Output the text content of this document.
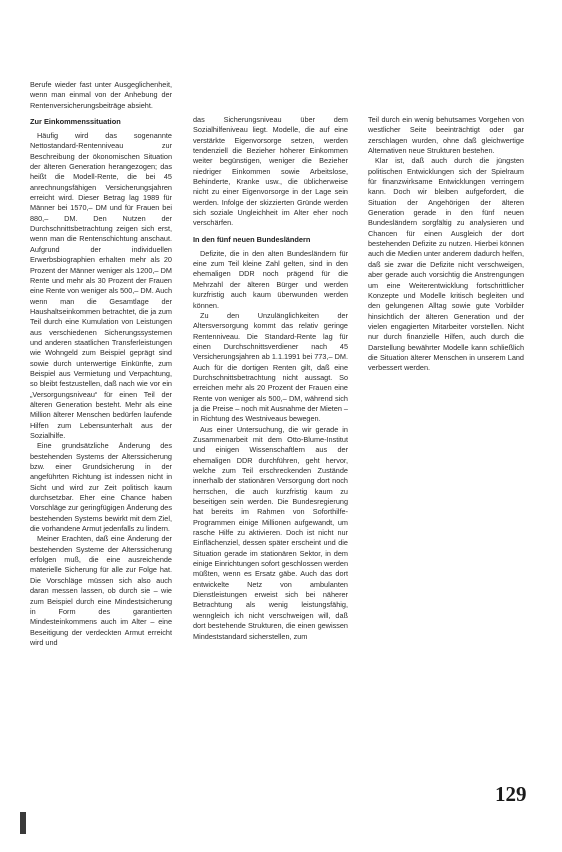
Berufe wieder fast unter Ausgeglichenheit, wenn man einmal von der Anhebung der Rentenversicherungsbeiträge absieht.

Zur Einkommenssituation

Häufig wird das sogenannte Nettostandard-Rentenniveau zur Beschreibung der ökonomischen Situation der älteren Generation herangezogen; das heißt die Modell-Rente, die bei 45 anrechnungsfähigen Versicherungsjahren erreicht wird. Dieser Betrag lag 1989 für Männer bei 1570,– DM und für Frauen bei 880,– DM. Den Nutzen der Durchschnittsbetrachtung zeigen sich erst, wenn man die Rentenschichtung anschaut. Aufgrund der individuellen Erwerbsbiographien erhalten mehr als 20 Prozent der Männer weniger als 1200,– DM Rente und mehr als 30 Prozent der Frauen eine Rente von weniger als 500,– DM. Auch wenn man die Gesamtlage der Haushaltseinkommen betrachtet, die ja zum Teil durch eine Kumulation von Leistungen aus verschiedenen Sicherungssystemen und anderen staatlichen Transferleistungen wie Wohngeld zum Beispiel geprägt sind sowie durch unterwertige Einkünfte, zum Beispiel aus Vermietung und Verpachtung, so bleibt festzustellen, daß nach wie vor ein „Versorgungsniveau“ für einen Teil der älteren Generation besteht. Mehr als eine Million älterer Menschen bedürfen laufende Hilfen zum Lebensunterhalt aus der Sozialhilfe.

Eine grundsätzliche Änderung des bestehenden Systems der Alterssicherung bzw. einer Grundsicherung in der angeführten Richtung ist indessen nicht in Sicht und wird zur Zeit politisch kaum durchsetzbar. Eher eine Chance haben Vorschläge zur geringfügigen Änderung des bestehenden Systems bewirkt mit dem Ziel, die vorhandene Armut jedenfalls zu lindern.

Meiner Erachten, daß eine Änderung der bestehenden Systeme der Alterssicherung erfolgen muß, die eine ausreichende materielle Sicherung für alle zur Folge hat. Die Vorschläge müssen sich also auch daran messen lassen, ob durch sie – wie zum Beispiel durch eine Mindestsicherung in Form des garantierten Mindesteinkommens auch im Alter – eine Beseitigung der verdeckten Armut erreicht wird und

das Sicherungsniveau über dem Sozialhilfeniveau liegt. Modelle, die auf eine verstärkte Eigenvorsorge setzen, werden tendenziell die Bezieher höherer Einkommen weiter begünstigen, weniger die Bezieher niedriger Einkommen sowie Arbeitslose, Behinderte, Kranke usw., die üblicherweise nicht zu einer Eigenvorsorge in der Lage sein werden. Infolge der skizzierten Gründe werden sich soziale Ungleichheit im Alter eher noch verschärfen.

In den fünf neuen Bundesländern

Defizite, die in den alten Bundesländern für eine zum Teil kleine Zahl gelten, sind in den ehemaligen DDR noch prägend für die Mehrzahl der älteren Bürger und werden kurzfristig auch kaum überwunden werden können.

Zu den Unzulänglichkeiten der Altersversorgung kommt das relativ geringe Rentenniveau. Die Standard-Rente lag für einen Durchschnittsverdiener nach 45 Versicherungsjahren ab 1.1.1991 bei 773,– DM. Auch für die dortigen Renten gilt, daß eine Durchschnittsbetrachtung nicht aussagt. So erreichen mehr als 20 Prozent der Frauen eine Rente von weniger als 500,– DM, während sich ja die Preise – noch mit Ausnahme der Mieten – in Richtung des Westniveaus bewegen.

Aus einer Untersuchung, die wir gerade in Zusammenarbeit mit dem Otto-Blume-Institut und einigen Wissenschaftlern aus der ehemaligen DDR durchführen, geht hervor, welche zum Teil erschreckenden Zustände innerhalb der stationären Versorgung dort noch herrschen, die auch kurzfristig kaum zu beseitigen sein werden. Die Bundesregierung hat bereits im Rahmen von Soforthilfe-Programmen einige Millionen aufgewandt, um rasche Hilfe zu aktivieren. Doch ist nicht nur Einflächenziel, dessen später erscheint und die Situation gerade im stationären Sektor, in dem einige Einrichtungen sofort geschlossen werden müßten, wenn es Ersatz gäbe. Auch das dort entwickelte Netz von ambulanten Dienstleistungen erweist sich bei näherer Betrachtung als wenig leistungsfähig, wenngleich ich nicht verschweigen will, daß dort bestehende Strukturen, die einen gewissen Mindeststandard sicherstellen, zum

Teil durch ein wenig behutsames Vorgehen von westlicher Seite beeinträchtigt oder gar zerschlagen wurden, ohne daß gleichwertige Alternativen neue Strukturen bestehen.

Klar ist, daß auch durch die jüngsten politischen Entwicklungen sich der Spielraum für finanzwirksame Entwicklungen verringern kann. Doch wir bleiben aufgefordert, die Situation der Angehörigen der älteren Generation gerade in den fünf neuen Bundesländern sorgfältig zu analysieren und Chancen für einen Ausgleich der dort bestehenden Defizite zu nutzen. Hierbei können auch die Medien unter anderem dadurch helfen, daß sie zwar die Defizite nicht verschweigen, aber gerade auch vorsichtig die Anstrengungen um eine Weiterentwicklung fortschrittlicher Konzepte und Modelle kritisch begleiten und den gelungenen Alltag sowie gute Vorbilder hinsichtlich der älteren Generation und der vielen engagierten Mitarbeiter vorstellen. Nicht nur durch finanzielle Hilfen, auch durch die Darstellung bewährter Modelle kann schließlich die Situation älterer Menschen in unserem Land verbessert werden.

129
